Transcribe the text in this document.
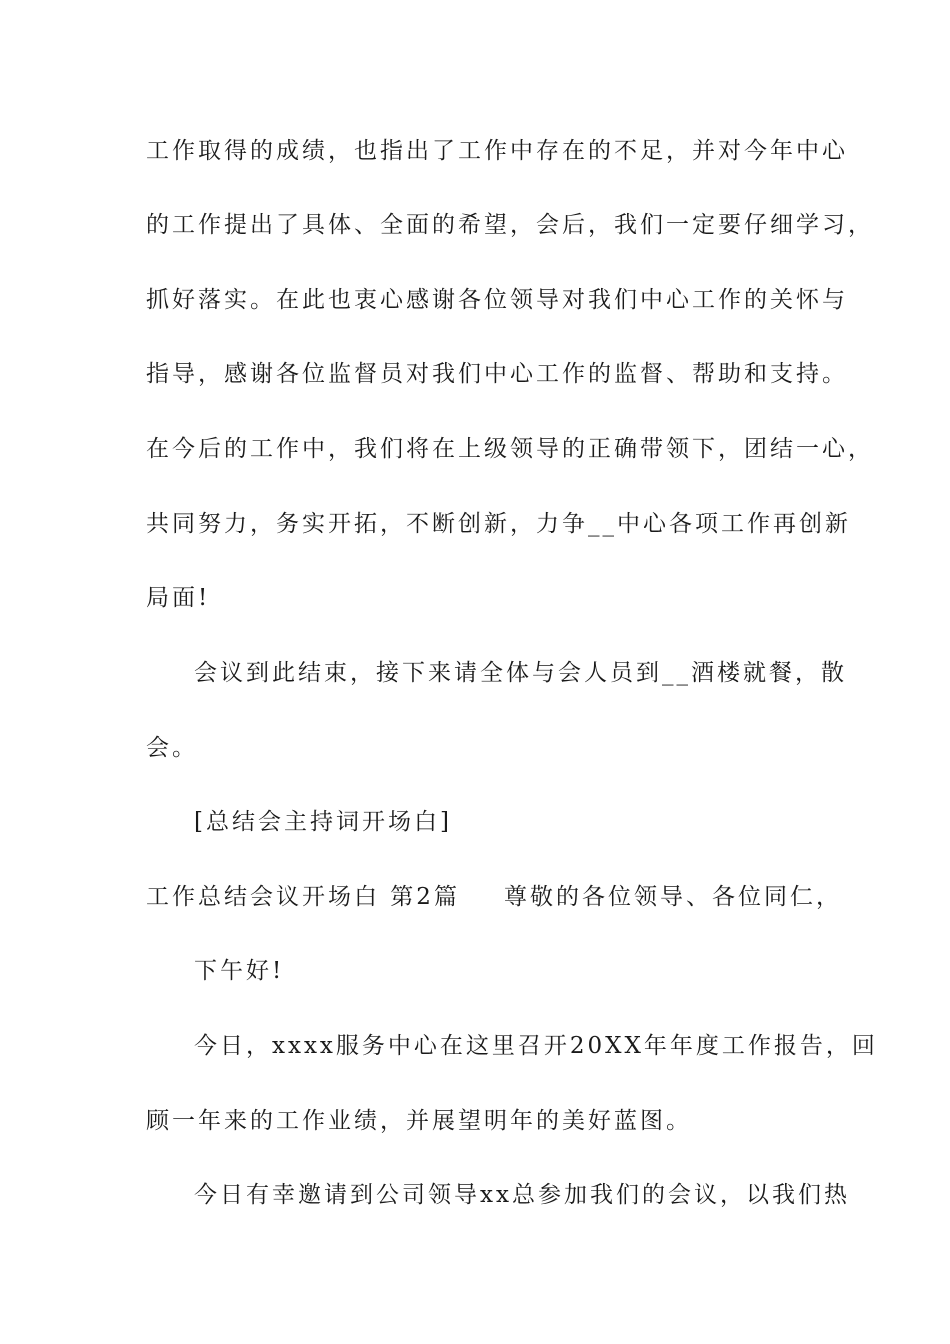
工作取得的成绩，也指出了工作中存在的不足，并对今年中心
的工作提出了具体、全面的希望，会后，我们一定要仔细学习，
抓好落实。在此也衷心感谢各位领导对我们中心工作的关怀与
指导，感谢各位监督员对我们中心工作的监督、帮助和支持。
在今后的工作中，我们将在上级领导的正确带领下，团结一心，
共同努力，务实开拓，不断创新，力争__中心各项工作再创新
局面!
会议到此结束，接下来请全体与会人员到__酒楼就餐，散
会。
[总结会主持词开场白]
工作总结会议开场白 第2篇 尊敬的各位领导、各位同仁，
下午好!
今日，xxxx服务中心在这里召开20XX年年度工作报告，回
顾一年来的工作业绩，并展望明年的美好蓝图。
今日有幸邀请到公司领导xx总参加我们的会议，以我们热
